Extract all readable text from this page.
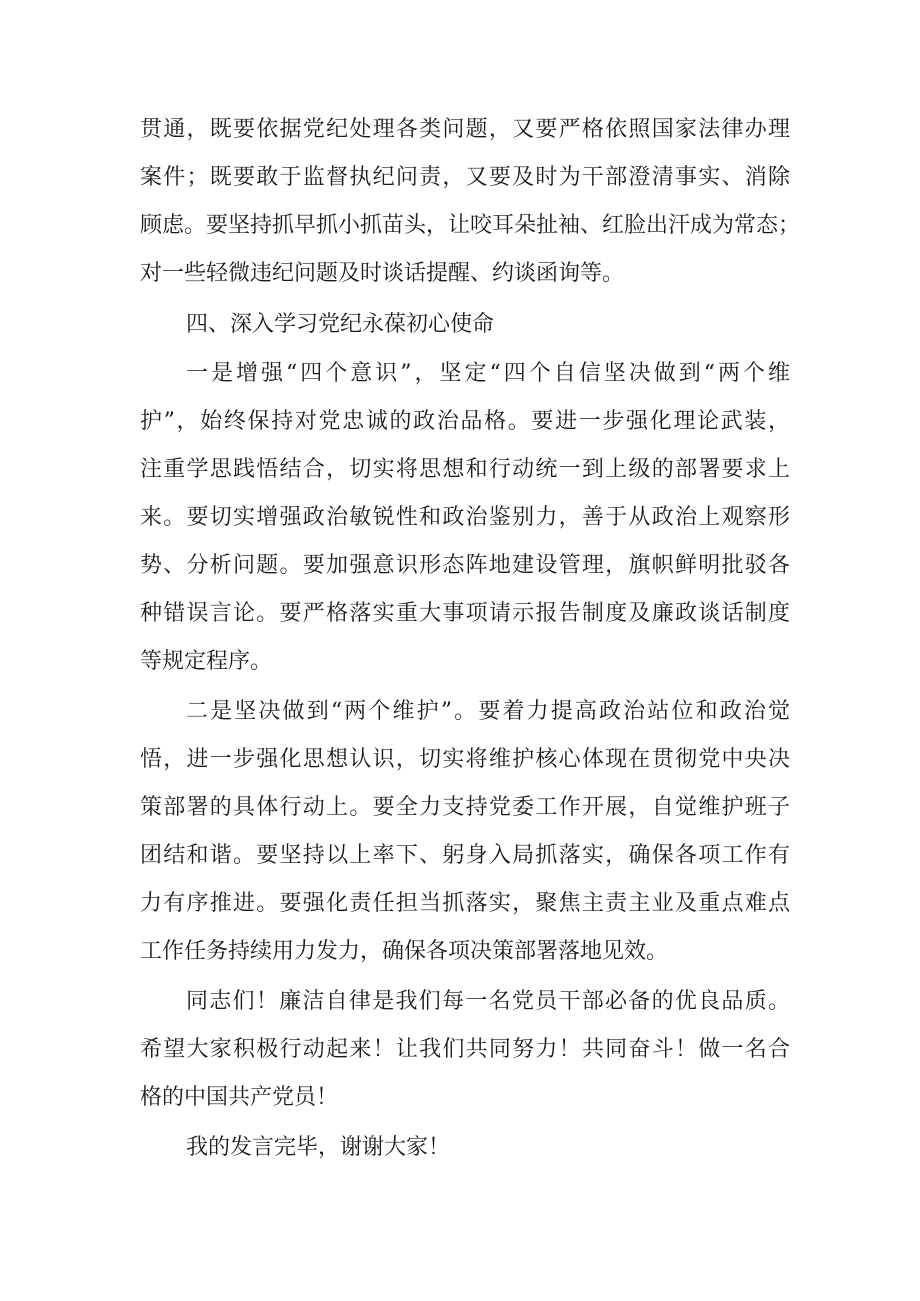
贯通，既要依据党纪处理各类问题，又要严格依照国家法律办理
案件；既要敢于监督执纪问责，又要及时为干部澄清事实、消除
顾虑。要坚持抓早抓小抓苗头，让咬耳朵扯袖、红脸出汗成为常态；
对一些轻微违纪问题及时谈话提醒、约谈函询等。
四、深入学习党纪永葆初心使命
一是增强“四个意识”，坚定“四个自信坚决做到“两个维
护”，始终保持对党忠诚的政治品格。要进一步强化理论武装，
注重学思践悟结合，切实将思想和行动统一到上级的部署要求上
来。要切实增强政治敏锐性和政治鉴别力，善于从政治上观察形
势、分析问题。要加强意识形态阵地建设管理，旗帜鲜明批驳各
种错误言论。要严格落实重大事项请示报告制度及廉政谈话制度
等规定程序。
二是坚决做到“两个维护”。要着力提高政治站位和政治觉
悟，进一步强化思想认识，切实将维护核心体现在贯彻党中央决
策部署的具体行动上。要全力支持党委工作开展，自觉维护班子
团结和谐。要坚持以上率下、躬身入局抓落实，确保各项工作有
力有序推进。要强化责任担当抓落实，聚焦主责主业及重点难点
工作任务持续用力发力，确保各项决策部署落地见效。
同志们！廉洁自律是我们每一名党员干部必备的优良品质。
希望大家积极行动起来！让我们共同努力！共同奋斗！做一名合
格的中国共产党员！
我的发言完毕，谢谢大家！
